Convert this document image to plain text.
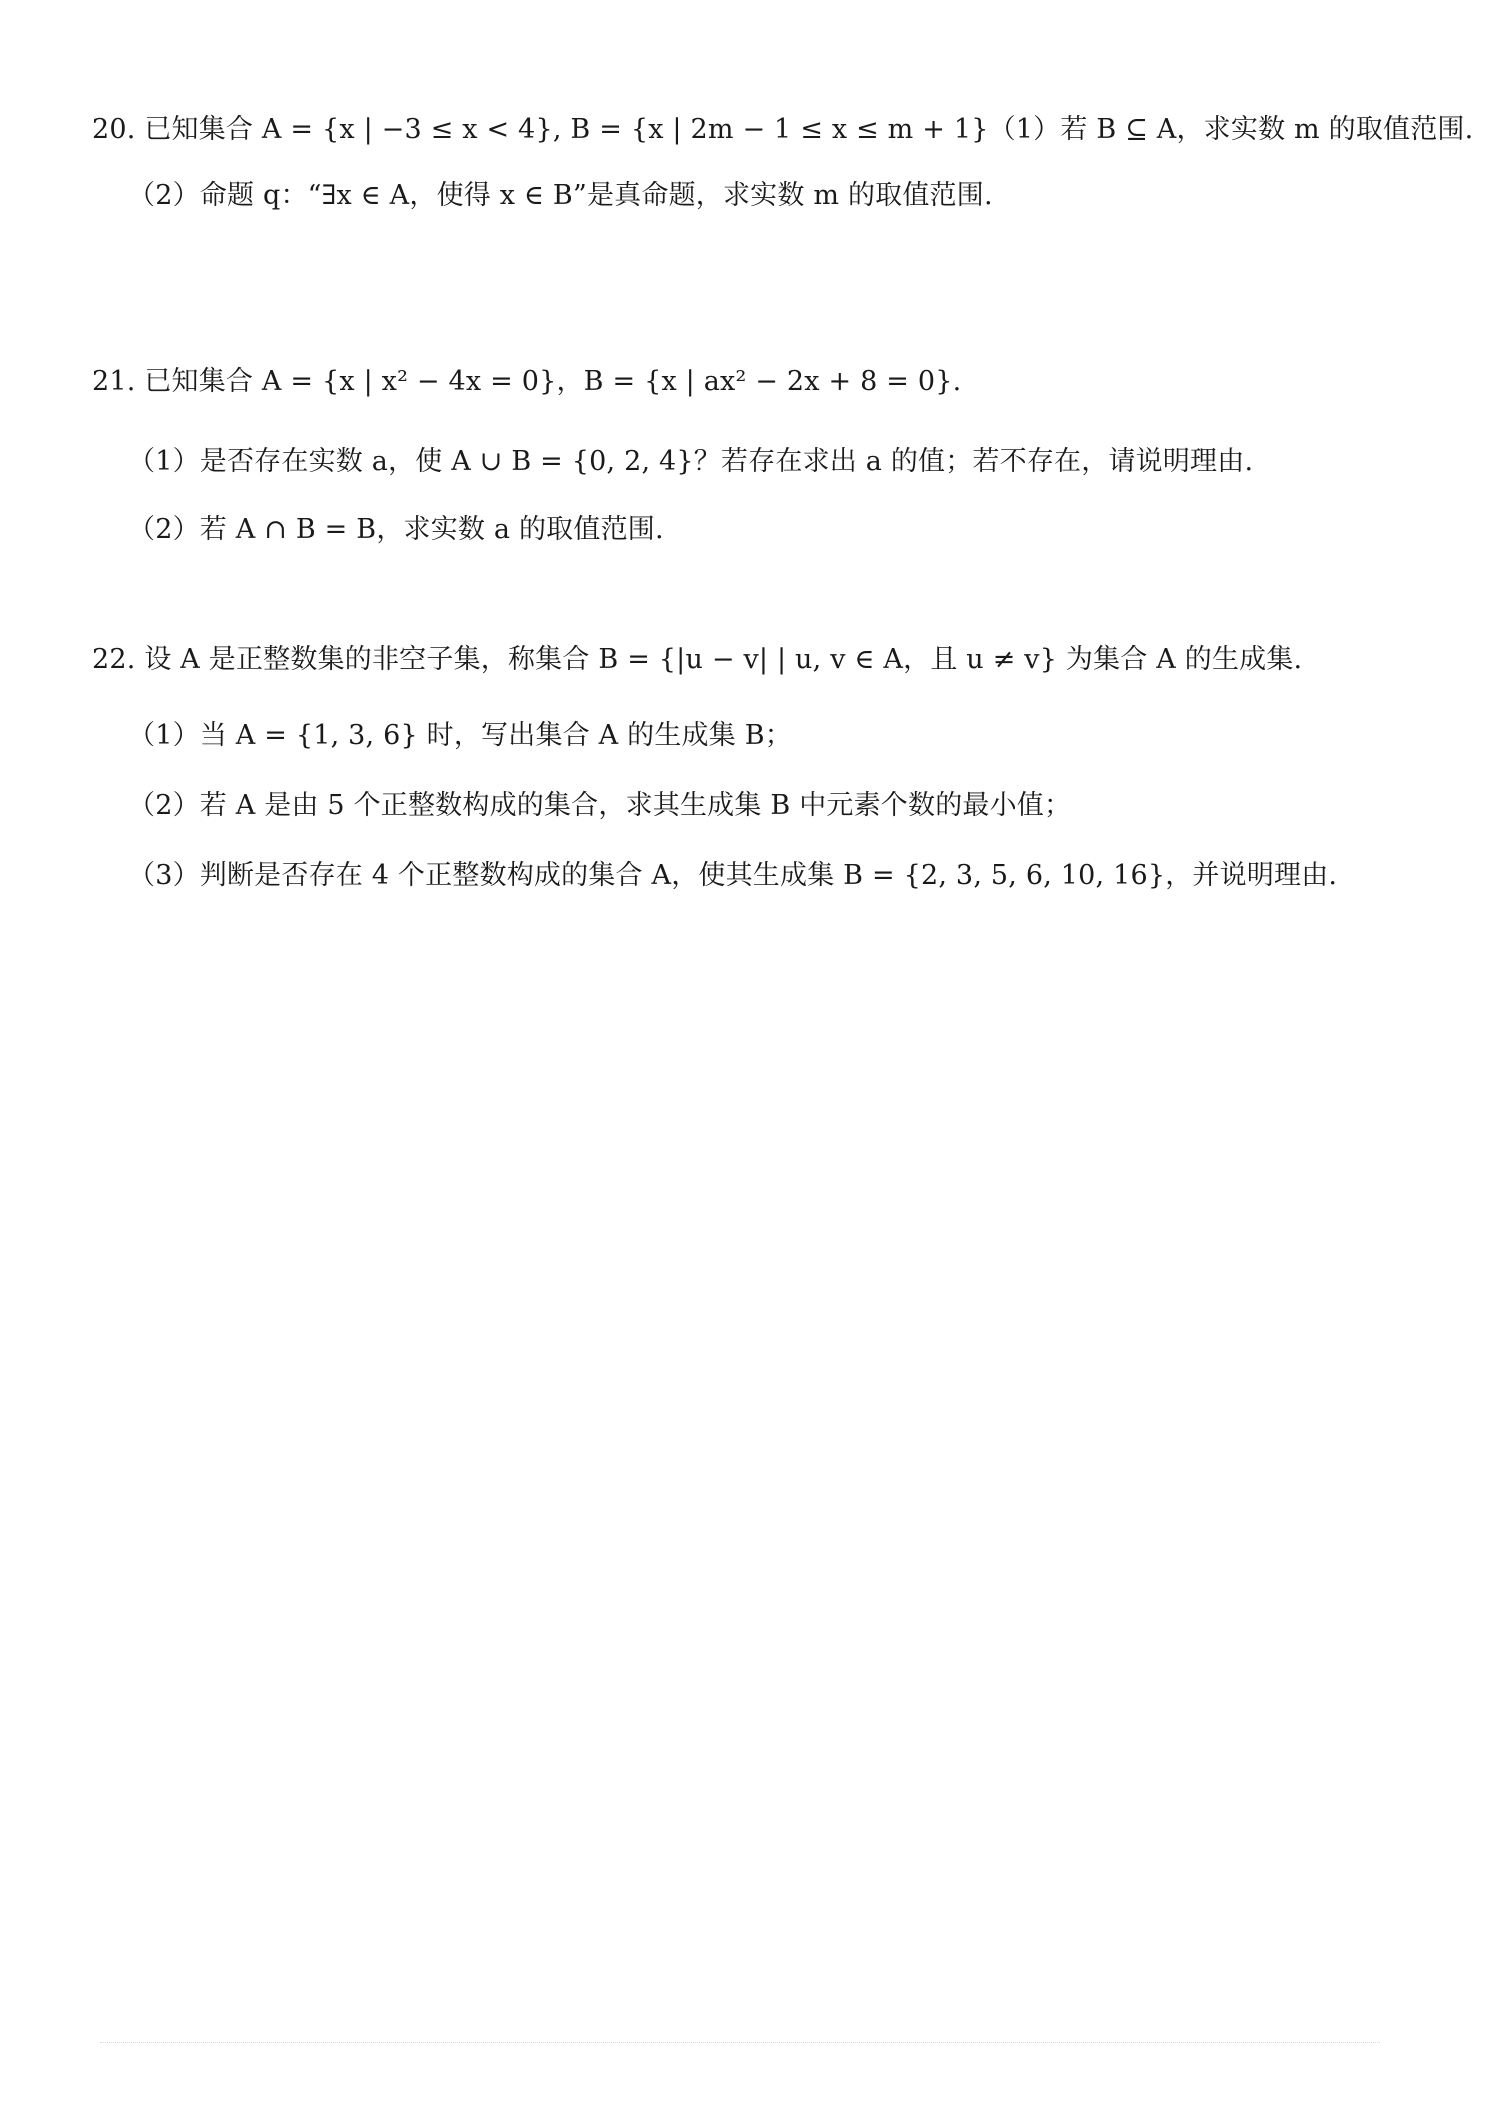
20. 已知集合 A = {x | −3 ≤ x < 4}, B = {x | 2m − 1 ≤ x ≤ m + 1}（1）若 B ⊆ A，求实数 m 的取值范围.
（2）命题 q：“∃x ∈ A，使得 x ∈ B”是真命题，求实数 m 的取值范围.
21. 已知集合 A = {x | x² − 4x = 0}，B = {x | ax² − 2x + 8 = 0}.
（1）是否存在实数 a，使 A ∪ B = {0, 2, 4}？若存在求出 a 的值；若不存在，请说明理由.
（2）若 A ∩ B = B，求实数 a 的取值范围.
22. 设 A 是正整数集的非空子集，称集合 B = {|u − v| | u, v ∈ A，且 u ≠ v} 为集合 A 的生成集.
（1）当 A = {1, 3, 6} 时，写出集合 A 的生成集 B；
（2）若 A 是由 5 个正整数构成的集合，求其生成集 B 中元素个数的最小值；
（3）判断是否存在 4 个正整数构成的集合 A，使其生成集 B = {2, 3, 5, 6, 10, 16}，并说明理由.
